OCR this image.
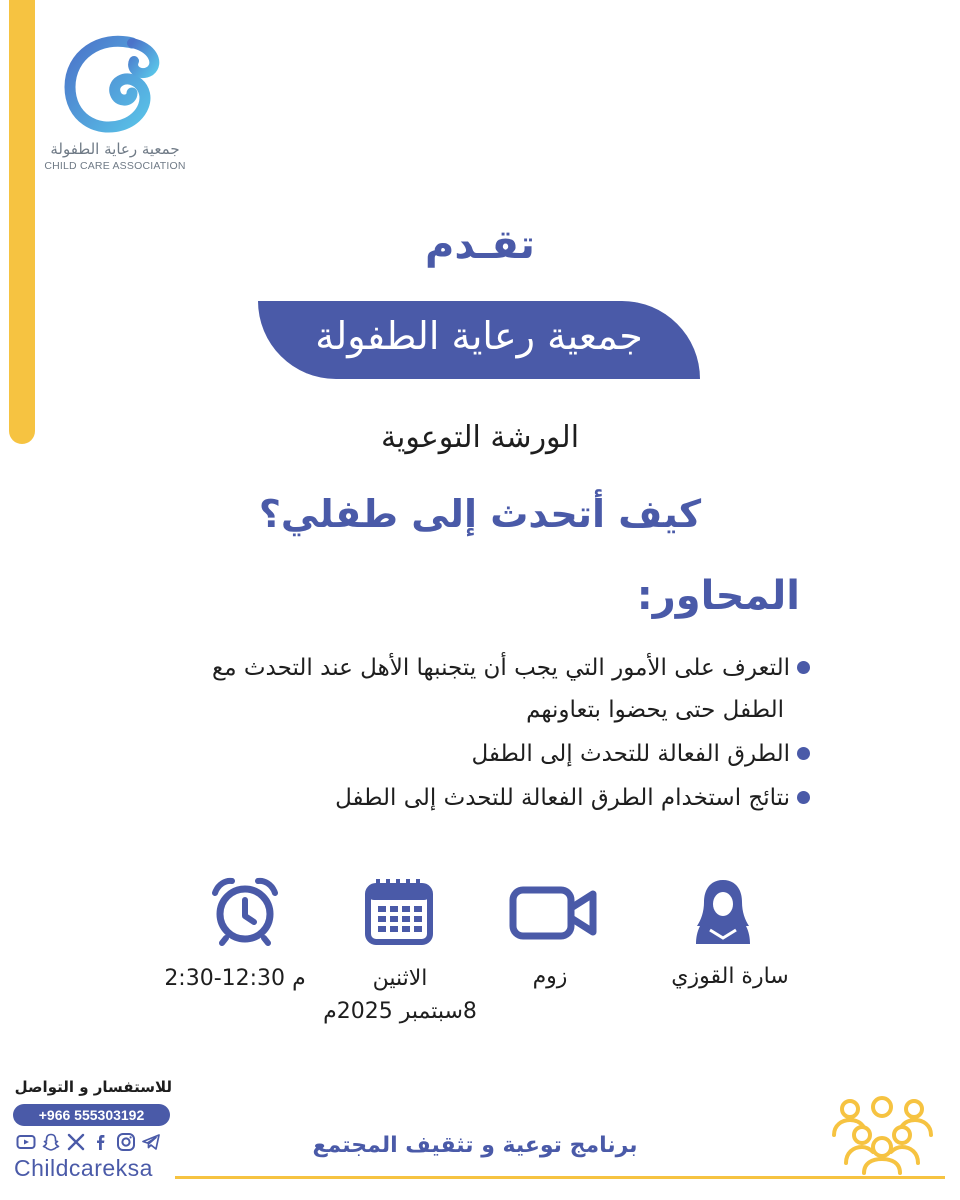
جمعية رعاية الطفولة
CHILD CARE ASSOCIATION
تقـدم
جمعية رعاية الطفولة
الورشة التوعوية
كيف أتحدث إلى طفلي؟
المحاور:
التعرف على الأمور التي يجب أن يتجنبها الأهل عند التحدث مع
الطفل حتى يحضوا بتعاونهم
الطرق الفعالة للتحدث إلى الطفل
نتائج استخدام الطرق الفعالة للتحدث إلى الطفل
سارة القوزي
زوم
الاثنين
8سبتمبر 2025م
2:30-12:30 م
للاستفسار و التواصل
+966 555303192
Childcareksa
برنامج توعية و تثقيف المجتمع
